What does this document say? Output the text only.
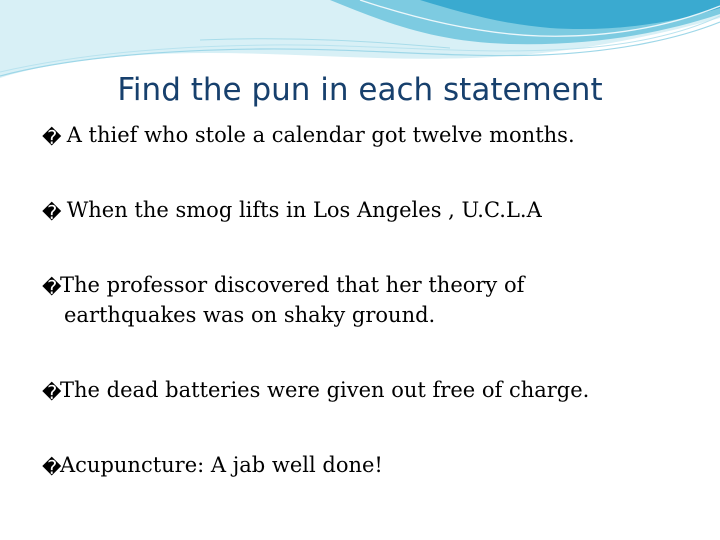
Find the pun in each statement
� A thief who stole a calendar got twelve months.
� When the smog lifts in Los Angeles , U.C.L.A
�The professor discovered that her theory of
earthquakes was on shaky ground.
�The dead batteries were given out free of charge.
�Acupuncture: A jab well done!
